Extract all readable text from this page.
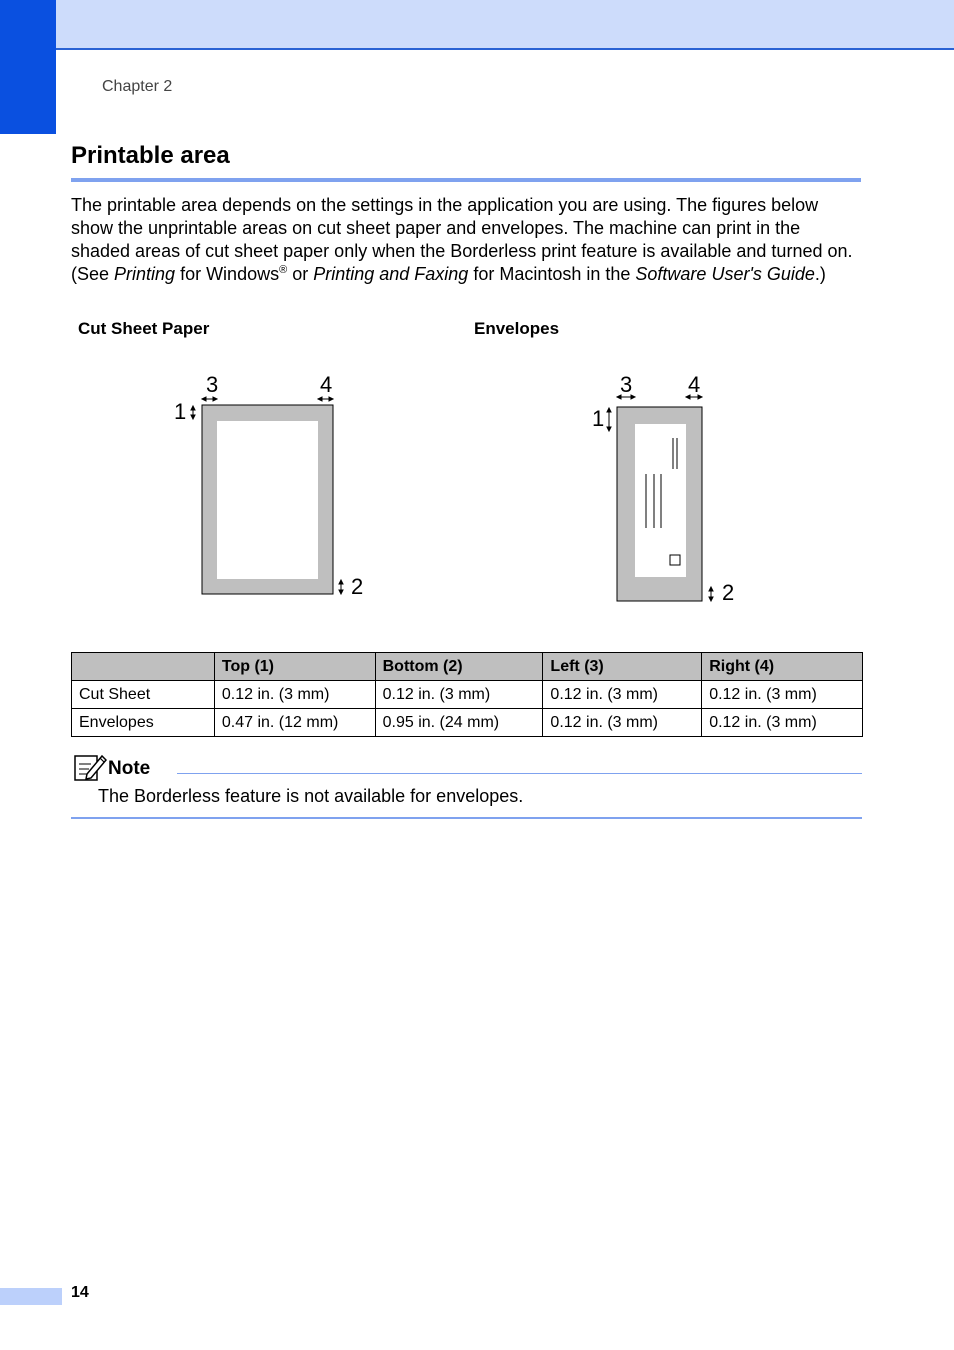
Chapter 2
Printable area

The printable area depends on the settings in the application you are using. The figures below
show the unprintable areas on cut sheet paper and envelopes. The machine can print in the
shaded areas of cut sheet paper only when the Borderless print feature is available and turned on.
(See Printing for Windows® or Printing and Faxing for Macintosh in the Software User's Guide.)

Cut Sheet Paper	Envelopes
3	4
1
2
3	4
1
2
	Top (1)	Bottom (2)	Left (3)	Right (4)
Cut Sheet	0.12 in. (3 mm)	0.12 in. (3 mm)	0.12 in. (3 mm)	0.12 in. (3 mm)
Envelopes	0.47 in. (12 mm)	0.95 in. (24 mm)	0.12 in. (3 mm)	0.12 in. (3 mm)
Note
The Borderless feature is not available for envelopes.
14
